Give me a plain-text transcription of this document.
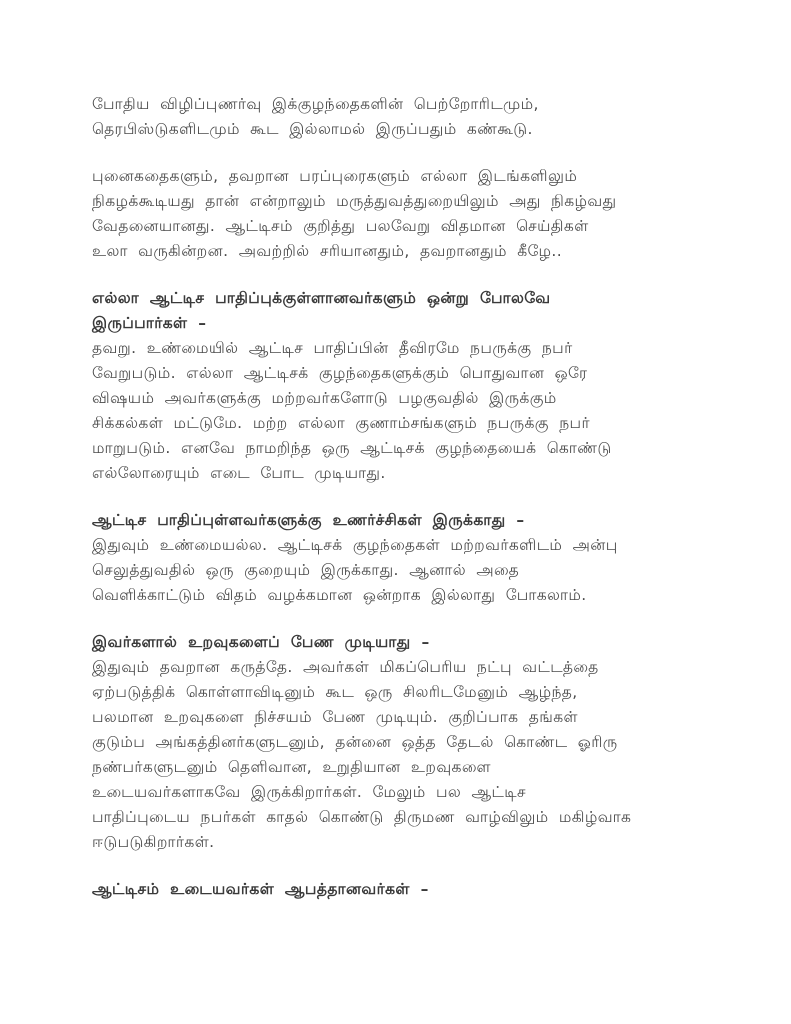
போதிய விழிப்புணர்வு இக்குழந்தைகளின் பெற்றோரிடமும்,
தெரபிஸ்டுகளிடமும் கூட இல்லாமல் இருப்பதும் கண்கூடு.

புனைகதைகளும், தவறான பரப்புரைகளும் எல்லா இடங்களிலும்
நிகழக்கூடியது தான் என்றாலும் மருத்துவத்துறையிலும் அது நிகழ்வது
வேதனையானது. ஆட்டிசம் குறித்து பலவேறு விதமான செய்திகள்
உலா வருகின்றன. அவற்றில் சரியானதும், தவறானதும் கீழே..

எல்லா ஆட்டிச பாதிப்புக்குள்ளானவர்களும் ஒன்று போலவே
இருப்பார்கள் –

தவறு. உண்மையில் ஆட்டிச பாதிப்பின் தீவிரமே நபருக்கு நபர்
வேறுபடும். எல்லா ஆட்டிசக் குழந்தைகளுக்கும் பொதுவான ஒரே
விஷயம் அவர்களுக்கு மற்றவர்களோடு பழகுவதில் இருக்கும்
சிக்கல்கள் மட்டுமே. மற்ற எல்லா குணாம்சங்களும் நபருக்கு நபர்
மாறுபடும். எனவே நாமறிந்த ஒரு ஆட்டிசக் குழந்தையைக் கொண்டு
எல்லோரையும் எடை போட முடியாது.

ஆட்டிச பாதிப்புள்ளவர்களுக்கு உணர்ச்சிகள் இருக்காது –

இதுவும் உண்மையல்ல. ஆட்டிசக் குழந்தைகள் மற்றவர்களிடம் அன்பு
செலுத்துவதில் ஒரு குறையும் இருக்காது. ஆனால் அதை
வெளிக்காட்டும் விதம் வழக்கமான ஒன்றாக இல்லாது போகலாம்.

இவர்களால் உறவுகளைப் பேண முடியாது –

இதுவும் தவறான கருத்தே. அவர்கள் மிகப்பெரிய நட்பு வட்டத்தை
ஏற்படுத்திக் கொள்ளாவிடினும் கூட ஒரு சிலரிடமேனும் ஆழ்ந்த,
பலமான உறவுகளை நிச்சயம் பேண முடியும். குறிப்பாக தங்கள்
குடும்ப அங்கத்தினர்களுடனும், தன்னை ஒத்த தேடல் கொண்ட ஓரிரு
நண்பர்களுடனும் தெளிவான, உறுதியான உறவுகளை
உடையவர்களாகவே இருக்கிறார்கள். மேலும் பல ஆட்டிச
பாதிப்புடைய நபர்கள் காதல் கொண்டு திருமண வாழ்விலும் மகிழ்வாக
ஈடுபடுகிறார்கள்.

ஆட்டிசம் உடையவர்கள் ஆபத்தானவர்கள் –
